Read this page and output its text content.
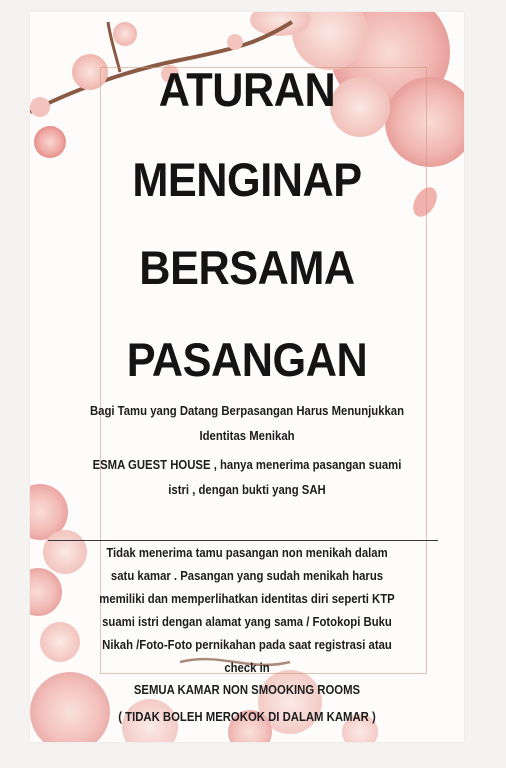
ATURAN
MENGINAP
BERSAMA
PASANGAN
Bagi Tamu yang Datang Berpasangan Harus Menunjukkan
Identitas Menikah
ESMA GUEST HOUSE , hanya menerima pasangan suami
istri , dengan bukti yang SAH
Tidak menerima tamu pasangan non menikah dalam
satu kamar . Pasangan yang sudah menikah harus
memiliki dan memperlihatkan identitas diri seperti KTP
suami istri dengan alamat yang sama / Fotokopi Buku
Nikah /Foto-Foto pernikahan pada saat registrasi atau
check in
SEMUA KAMAR NON SMOOKING ROOMS
( TIDAK BOLEH MEROKOK DI DALAM KAMAR )
